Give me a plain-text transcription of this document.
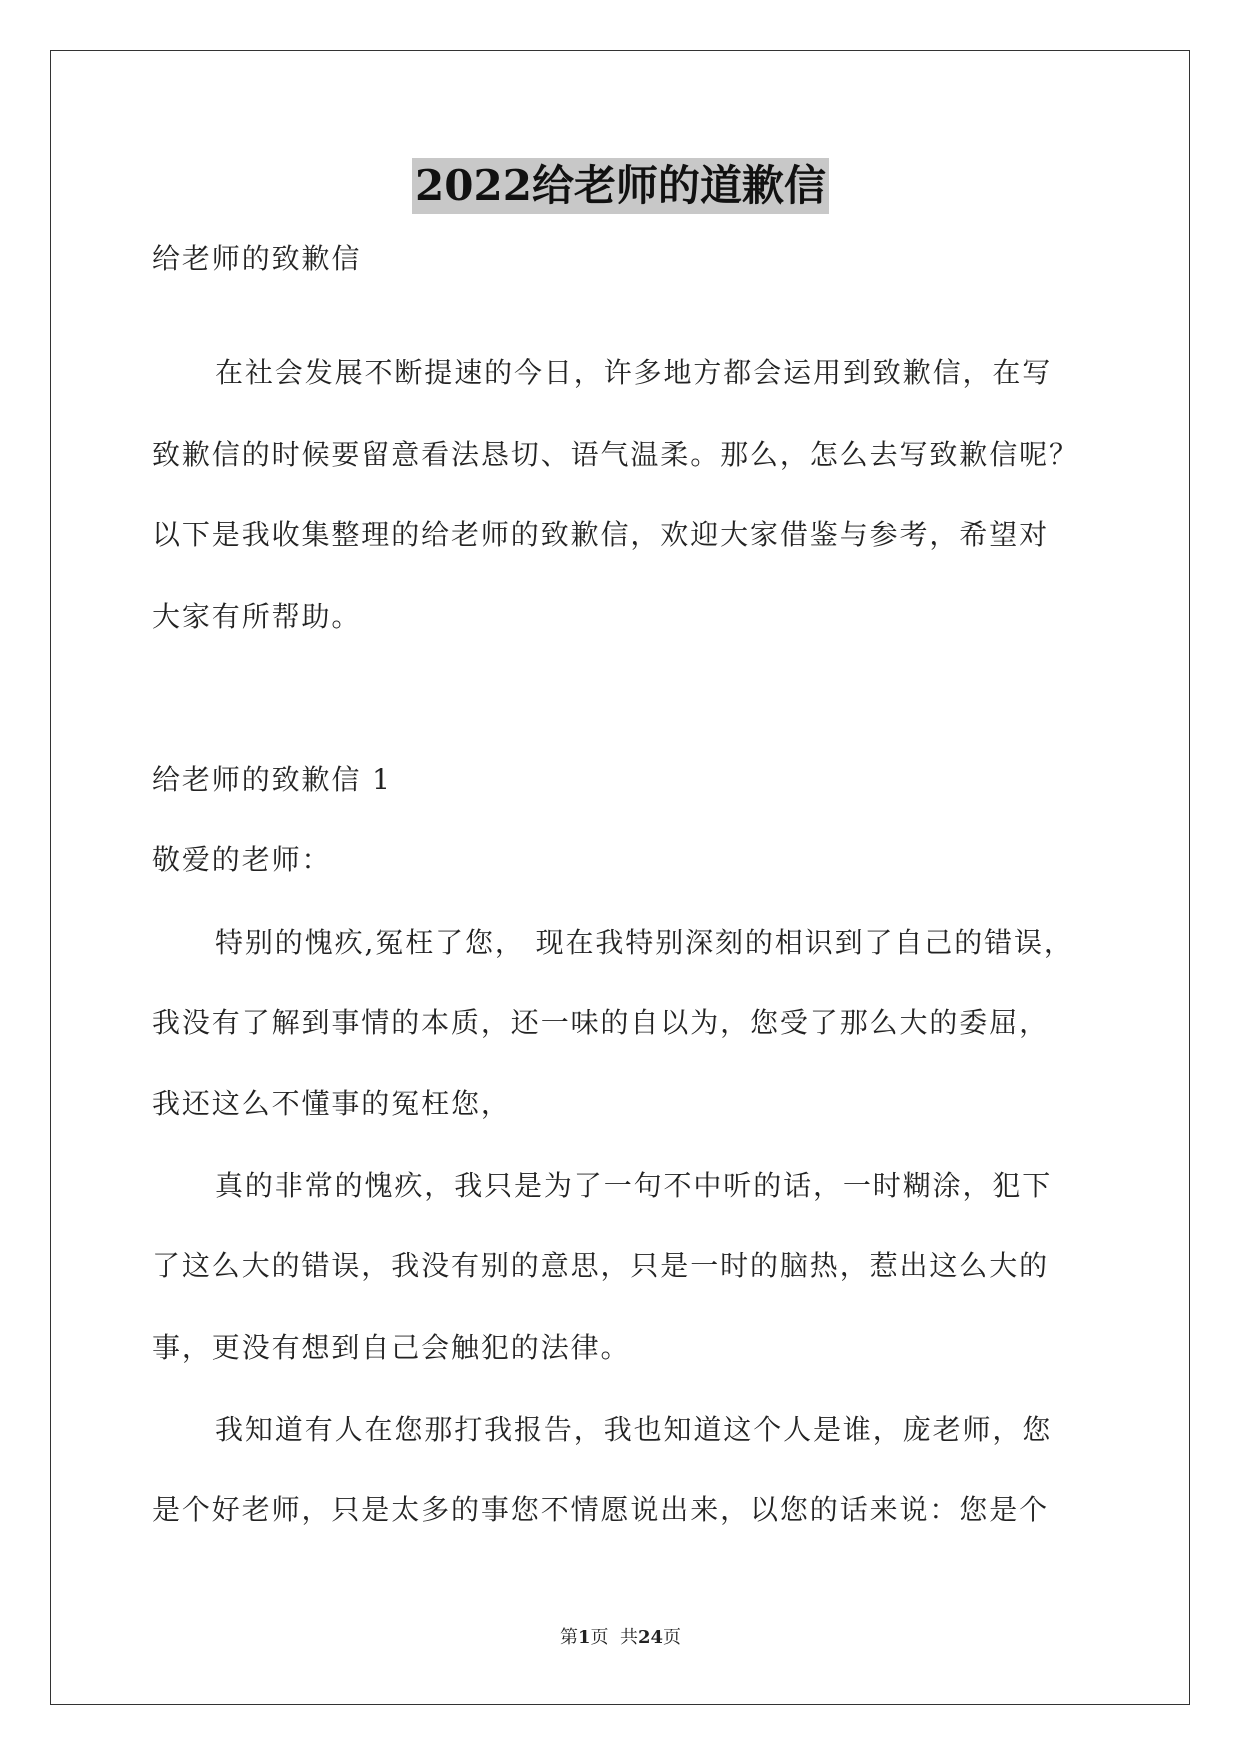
2022给老师的道歉信
给老师的致歉信
在社会发展不断提速的今日，许多地方都会运用到致歉信，在写
致歉信的时候要留意看法恳切、语气温柔。那么，怎么去写致歉信呢？
以下是我收集整理的给老师的致歉信，欢迎大家借鉴与参考，希望对
大家有所帮助。
给老师的致歉信 1
敬爱的老师：
特别的愧疚,冤枉了您， 现在我特别深刻的相识到了自己的错误，
我没有了解到事情的本质，还一味的自以为，您受了那么大的委屈，
我还这么不懂事的冤枉您，
真的非常的愧疚，我只是为了一句不中听的话，一时糊涂，犯下
了这么大的错误，我没有别的意思，只是一时的脑热，惹出这么大的
事，更没有想到自己会触犯的法律。
我知道有人在您那打我报告，我也知道这个人是谁，庞老师，您
是个好老师，只是太多的事您不情愿说出来，以您的话来说：您是个
第1页  共24页
